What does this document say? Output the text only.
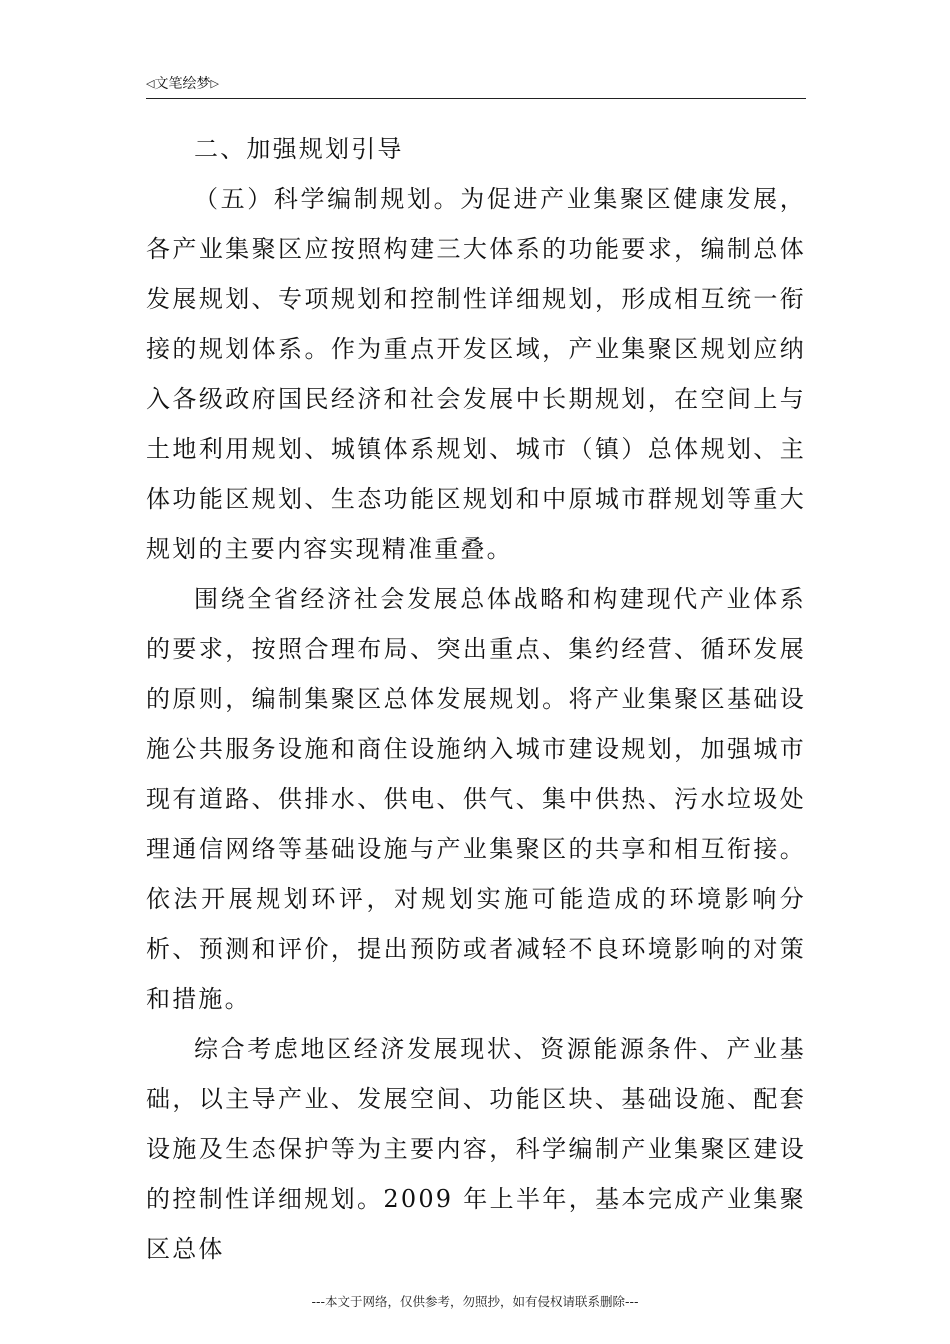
◁文笔绘梦▷

二、加强规划引导

（五）科学编制规划。为促进产业集聚区健康发展，各产业集聚区应按照构建三大体系的功能要求，编制总体发展规划、专项规划和控制性详细规划，形成相互统一衔接的规划体系。作为重点开发区域，产业集聚区规划应纳入各级政府国民经济和社会发展中长期规划，在空间上与土地利用规划、城镇体系规划、城市（镇）总体规划、主体功能区规划、生态功能区规划和中原城市群规划等重大规划的主要内容实现精准重叠。

围绕全省经济社会发展总体战略和构建现代产业体系的要求，按照合理布局、突出重点、集约经营、循环发展的原则，编制集聚区总体发展规划。将产业集聚区基础设施公共服务设施和商住设施纳入城市建设规划，加强城市现有道路、供排水、供电、供气、集中供热、污水垃圾处理通信网络等基础设施与产业集聚区的共享和相互衔接。依法开展规划环评，对规划实施可能造成的环境影响分析、预测和评价，提出预防或者减轻不良环境影响的对策和措施。

综合考虑地区经济发展现状、资源能源条件、产业基础，以主导产业、发展空间、功能区块、基础设施、配套设施及生态保护等为主要内容，科学编制产业集聚区建设的控制性详细规划。2009 年上半年，基本完成产业集聚区总体

---本文于网络，仅供参考，勿照抄，如有侵权请联系删除---
